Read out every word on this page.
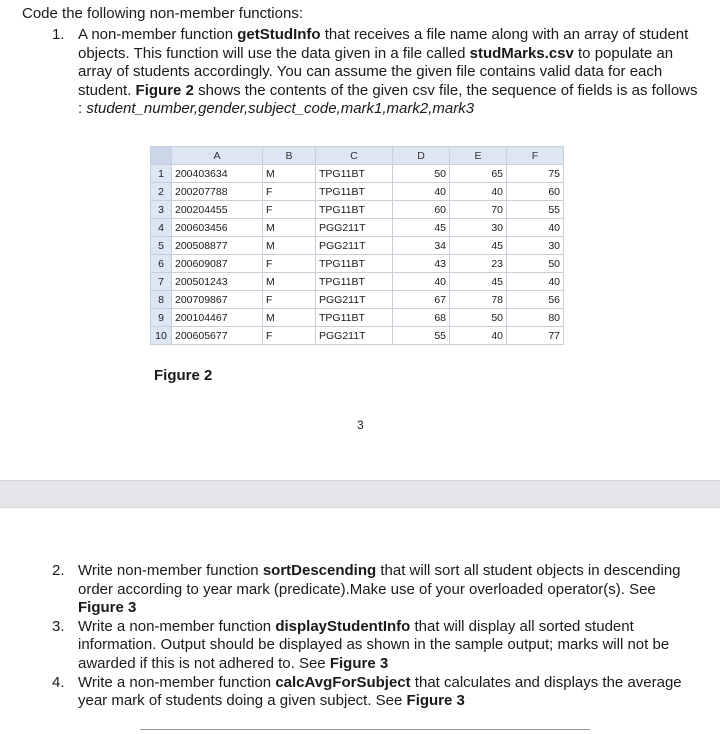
Code the following non-member functions:
1. A non-member function getStudInfo that receives a file name along with an array of student objects. This function will use the data given in a file called studMarks.csv to populate an array of students accordingly. You can assume the given file contains valid data for each student. Figure 2 shows the contents of the given csv file, the sequence of fields is as follows : student_number,gender,subject_code,mark1,mark2,mark3
	A	B	C	D	E	F
1	200403634	M	TPG11BT	50	65	75
2	200207788	F	TPG11BT	40	40	60
3	200204455	F	TPG11BT	60	70	55
4	200603456	M	PGG211T	45	30	40
5	200508877	M	PGG211T	34	45	30
6	200609087	F	TPG11BT	43	23	50
7	200501243	M	TPG11BT	40	45	40
8	200709867	F	PGG211T	67	78	56
9	200104467	M	TPG11BT	68	50	80
10	200605677	F	PGG211T	55	40	77
Figure 2
3
2. Write non-member function sortDescending that will sort all student objects in descending order according to year mark (predicate).Make use of your overloaded operator(s). See Figure 3
3. Write a non-member function displayStudentInfo that will display all sorted student information. Output should be displayed as shown in the sample output; marks will not be awarded if this is not adhered to. See Figure 3
4. Write a non-member function calcAvgForSubject that calculates and displays the average year mark of students doing a given subject. See Figure 3
